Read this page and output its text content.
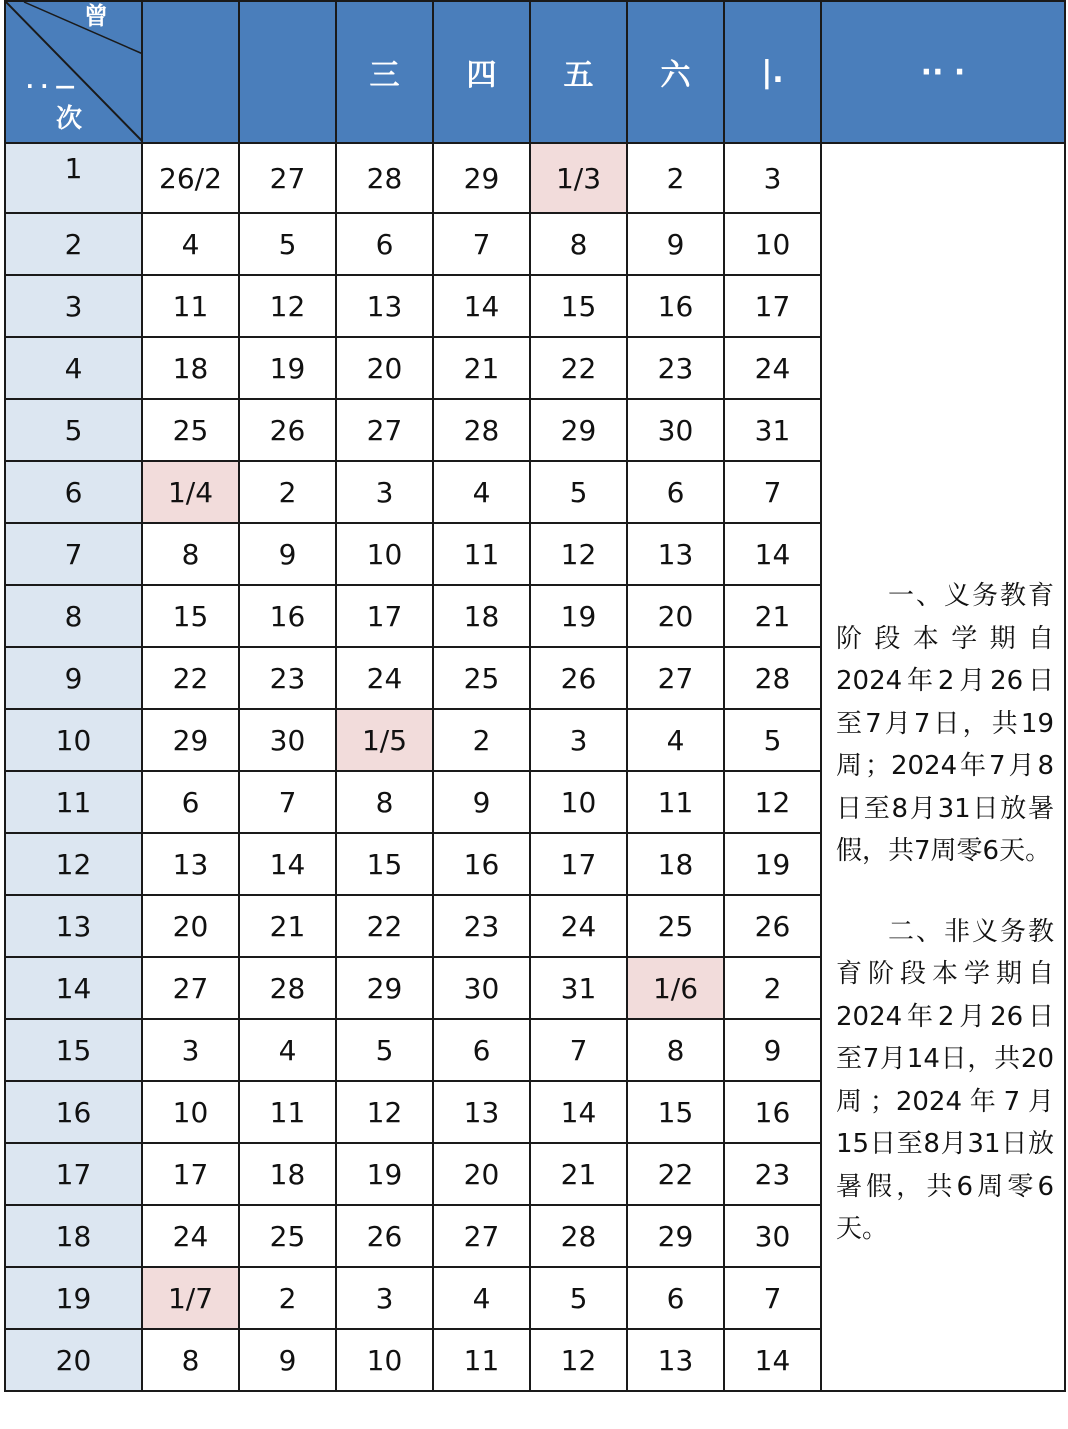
曾
· · —
次			三	四	五	六	|.	·· ·
1	26/2	27	28	29	1/3	2	3	一、义务教育阶段本学期自2024年2月26日至7月7日，共19周；2024年7月8日至8月31日放暑假，共7周零6天。

二、非义务教育阶段本学期自2024年2月26日至7月14日，共20周；2024年7月15日至8月31日放暑假，共6周零6天。

2	4	5	6	7	8	9	10	
3	11	12	13	14	15	16	17	
4	18	19	20	21	22	23	24	
5	25	26	27	28	29	30	31	
6	1/4	2	3	4	5	6	7	
7	8	9	10	11	12	13	14	
8	15	16	17	18	19	20	21	
9	22	23	24	25	26	27	28	
10	29	30	1/5	2	3	4	5	
11	6	7	8	9	10	11	12	
12	13	14	15	16	17	18	19	
13	20	21	22	23	24	25	26	
14	27	28	29	30	31	1/6	2	
15	3	4	5	6	7	8	9	
16	10	11	12	13	14	15	16	
17	17	18	19	20	21	22	23	
18	24	25	26	27	28	29	30	
19	1/7	2	3	4	5	6	7	
20	8	9	10	11	12	13	14	
